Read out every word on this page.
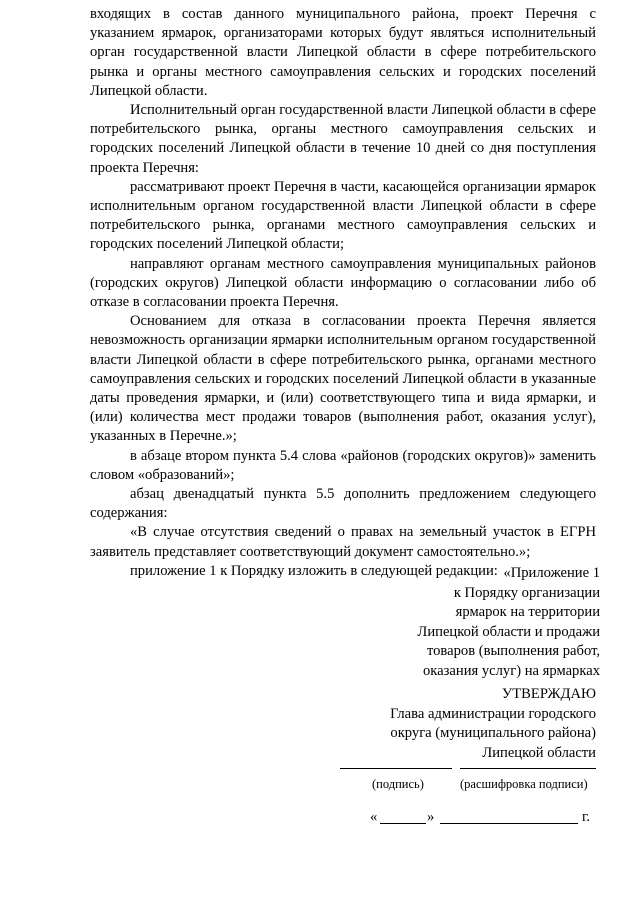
входящих в состав данного муниципального района, проект Перечня с указанием ярмарок, организаторами которых будут являться исполнительный орган государственной власти Липецкой области в сфере потребительского рынка и органы местного самоуправления сельских и городских поселений Липецкой области.

Исполнительный орган государственной власти Липецкой области в сфере потребительского рынка, органы местного самоуправления сельских и городских поселений Липецкой области в течение 10 дней со дня поступления проекта Перечня:

рассматривают проект Перечня в части, касающейся организации ярмарок исполнительным органом государственной власти Липецкой области в сфере потребительского рынка, органами местного самоуправления сельских и городских поселений Липецкой области;

направляют органам местного самоуправления муниципальных районов (городских округов) Липецкой области информацию о согласовании либо об отказе в согласовании проекта Перечня.

Основанием для отказа в согласовании проекта Перечня является невозможность организации ярмарки исполнительным органом государственной власти Липецкой области в сфере потребительского рынка, органами местного самоуправления сельских и городских поселений Липецкой области в указанные даты проведения ярмарки, и (или) соответствующего типа и вида ярмарки, и (или) количества мест продажи товаров (выполнения работ, оказания услуг), указанных в Перечне.»;

в абзаце втором пункта 5.4 слова «районов (городских округов)» заменить словом «образований»;

абзац двенадцатый пункта 5.5 дополнить предложением следующего содержания:

«В случае отсутствия сведений о правах на земельный участок в ЕГРН заявитель представляет соответствующий документ самостоятельно.»;

приложение 1 к Порядку изложить в следующей редакции: «Приложение 1
к Порядку организации
ярмарок на территории
Липецкой области и продажи
товаров (выполнения работ,
оказания услуг) на ярмарках
УТВЕРЖДАЮ
Глава администрации городского
округа (муниципального района)
Липецкой области
(подпись)	(расшифровка подписи)
«	»	г.
